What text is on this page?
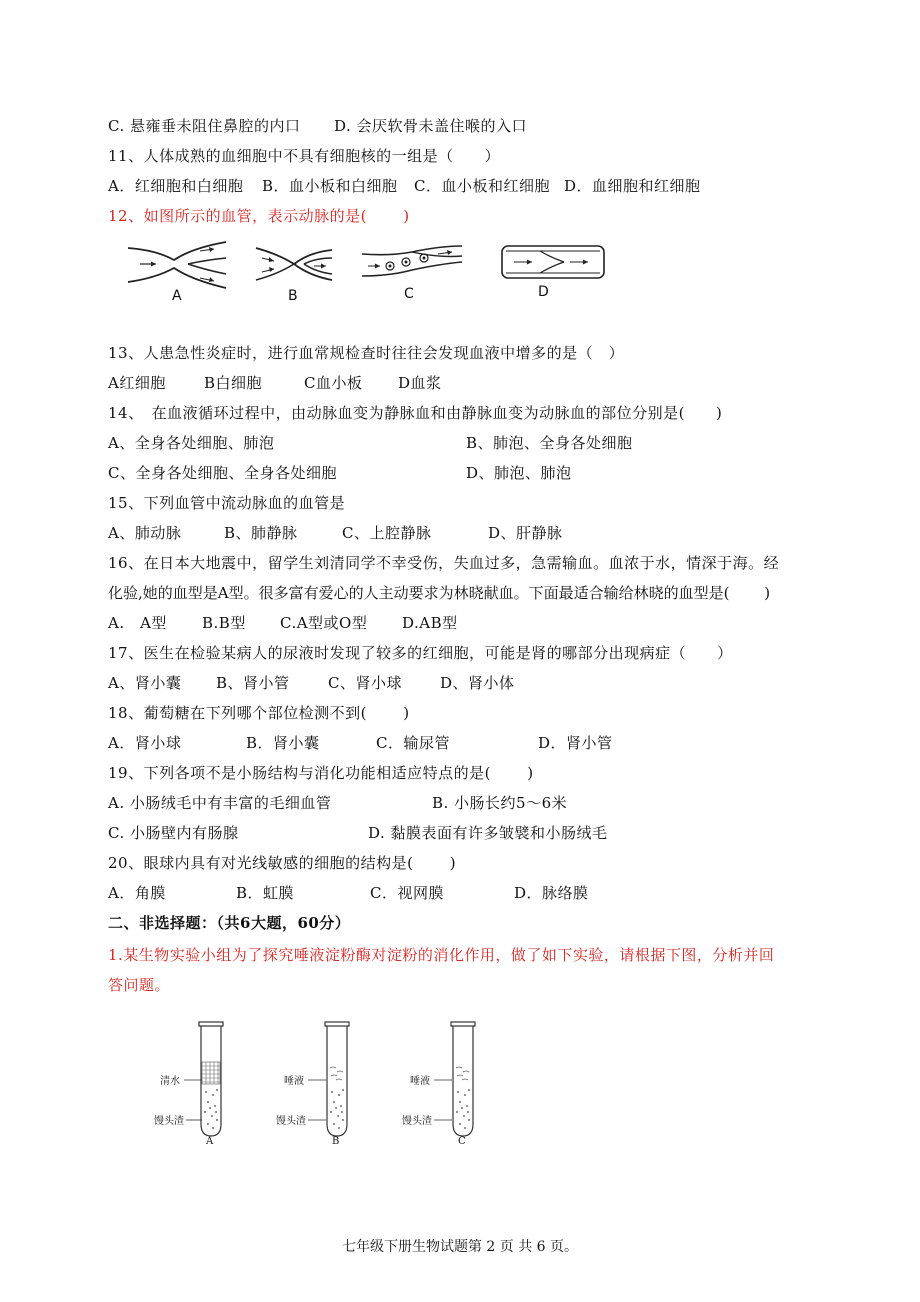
C. 悬雍垂未阻住鼻腔的内口 D. 会厌软骨未盖住喉的入口
11、人体成熟的血细胞中不具有细胞核的一组是（　　）
A．红细胞和白细胞 B．血小板和白细胞 C．血小板和红细胞 D．血细胞和红细胞
12、如图所示的血管，表示动脉的是(　　 )
A	B	C	D
13、人患急性炎症时，进行血常规检查时往往会发现血液中增多的是（　）
A红细胞	B白细胞	C血小板 D血浆
14、　在血液循环过程中，由动脉血变为静脉血和由静脉血变为动脉血的部位分别是(　　)
A、全身各处细胞、肺泡	B、肺泡、全身各处细胞
C、全身各处细胞、全身各处细胞	D、肺泡、肺泡
15、下列血管中流动脉血的血管是
A、肺动脉	B、肺静脉	C、上腔静脉	D、肝静脉
16、在日本大地震中，留学生刘清同学不幸受伤，失血过多，急需输血。血浓于水，情深于海。经
化验,她的血型是A型。很多富有爱心的人主动要求为林晓献血。下面最适合输给林晓的血型是(　　 )
A.　A型 B.B型 C.A型或O型 D.AB型
17、医生在检验某病人的尿液时发现了较多的红细胞，可能是肾的哪部分出现病症（　　）
A、肾小囊 B、肾小管	C、肾小球	D、肾小体
18、葡萄糖在下列哪个部位检测不到(　　 )
A．肾小球	B．肾小囊	C．输尿管	D．肾小管
19、下列各项不是小肠结构与消化功能相适应特点的是(　　 )
A. 小肠绒毛中有丰富的毛细血管	B. 小肠长约5～6米
C. 小肠壁内有肠腺	D. 黏膜表面有许多皱襞和小肠绒毛
20、眼球内具有对光线敏感的细胞的结构是(　　 )
A．角膜	B．虹膜	C．视网膜	D．脉络膜
二、非选择题：（共6大题，60分）
1.某生物实验小组为了探究唾液淀粉酶对淀粉的消化作用，做了如下实验，请根据下图，分析并回
答问题。
清水
馒头渣
A
唾液
馒头渣
B
唾液
馒头渣
C
七年级下册生物试题第 2 页 共 6 页。
